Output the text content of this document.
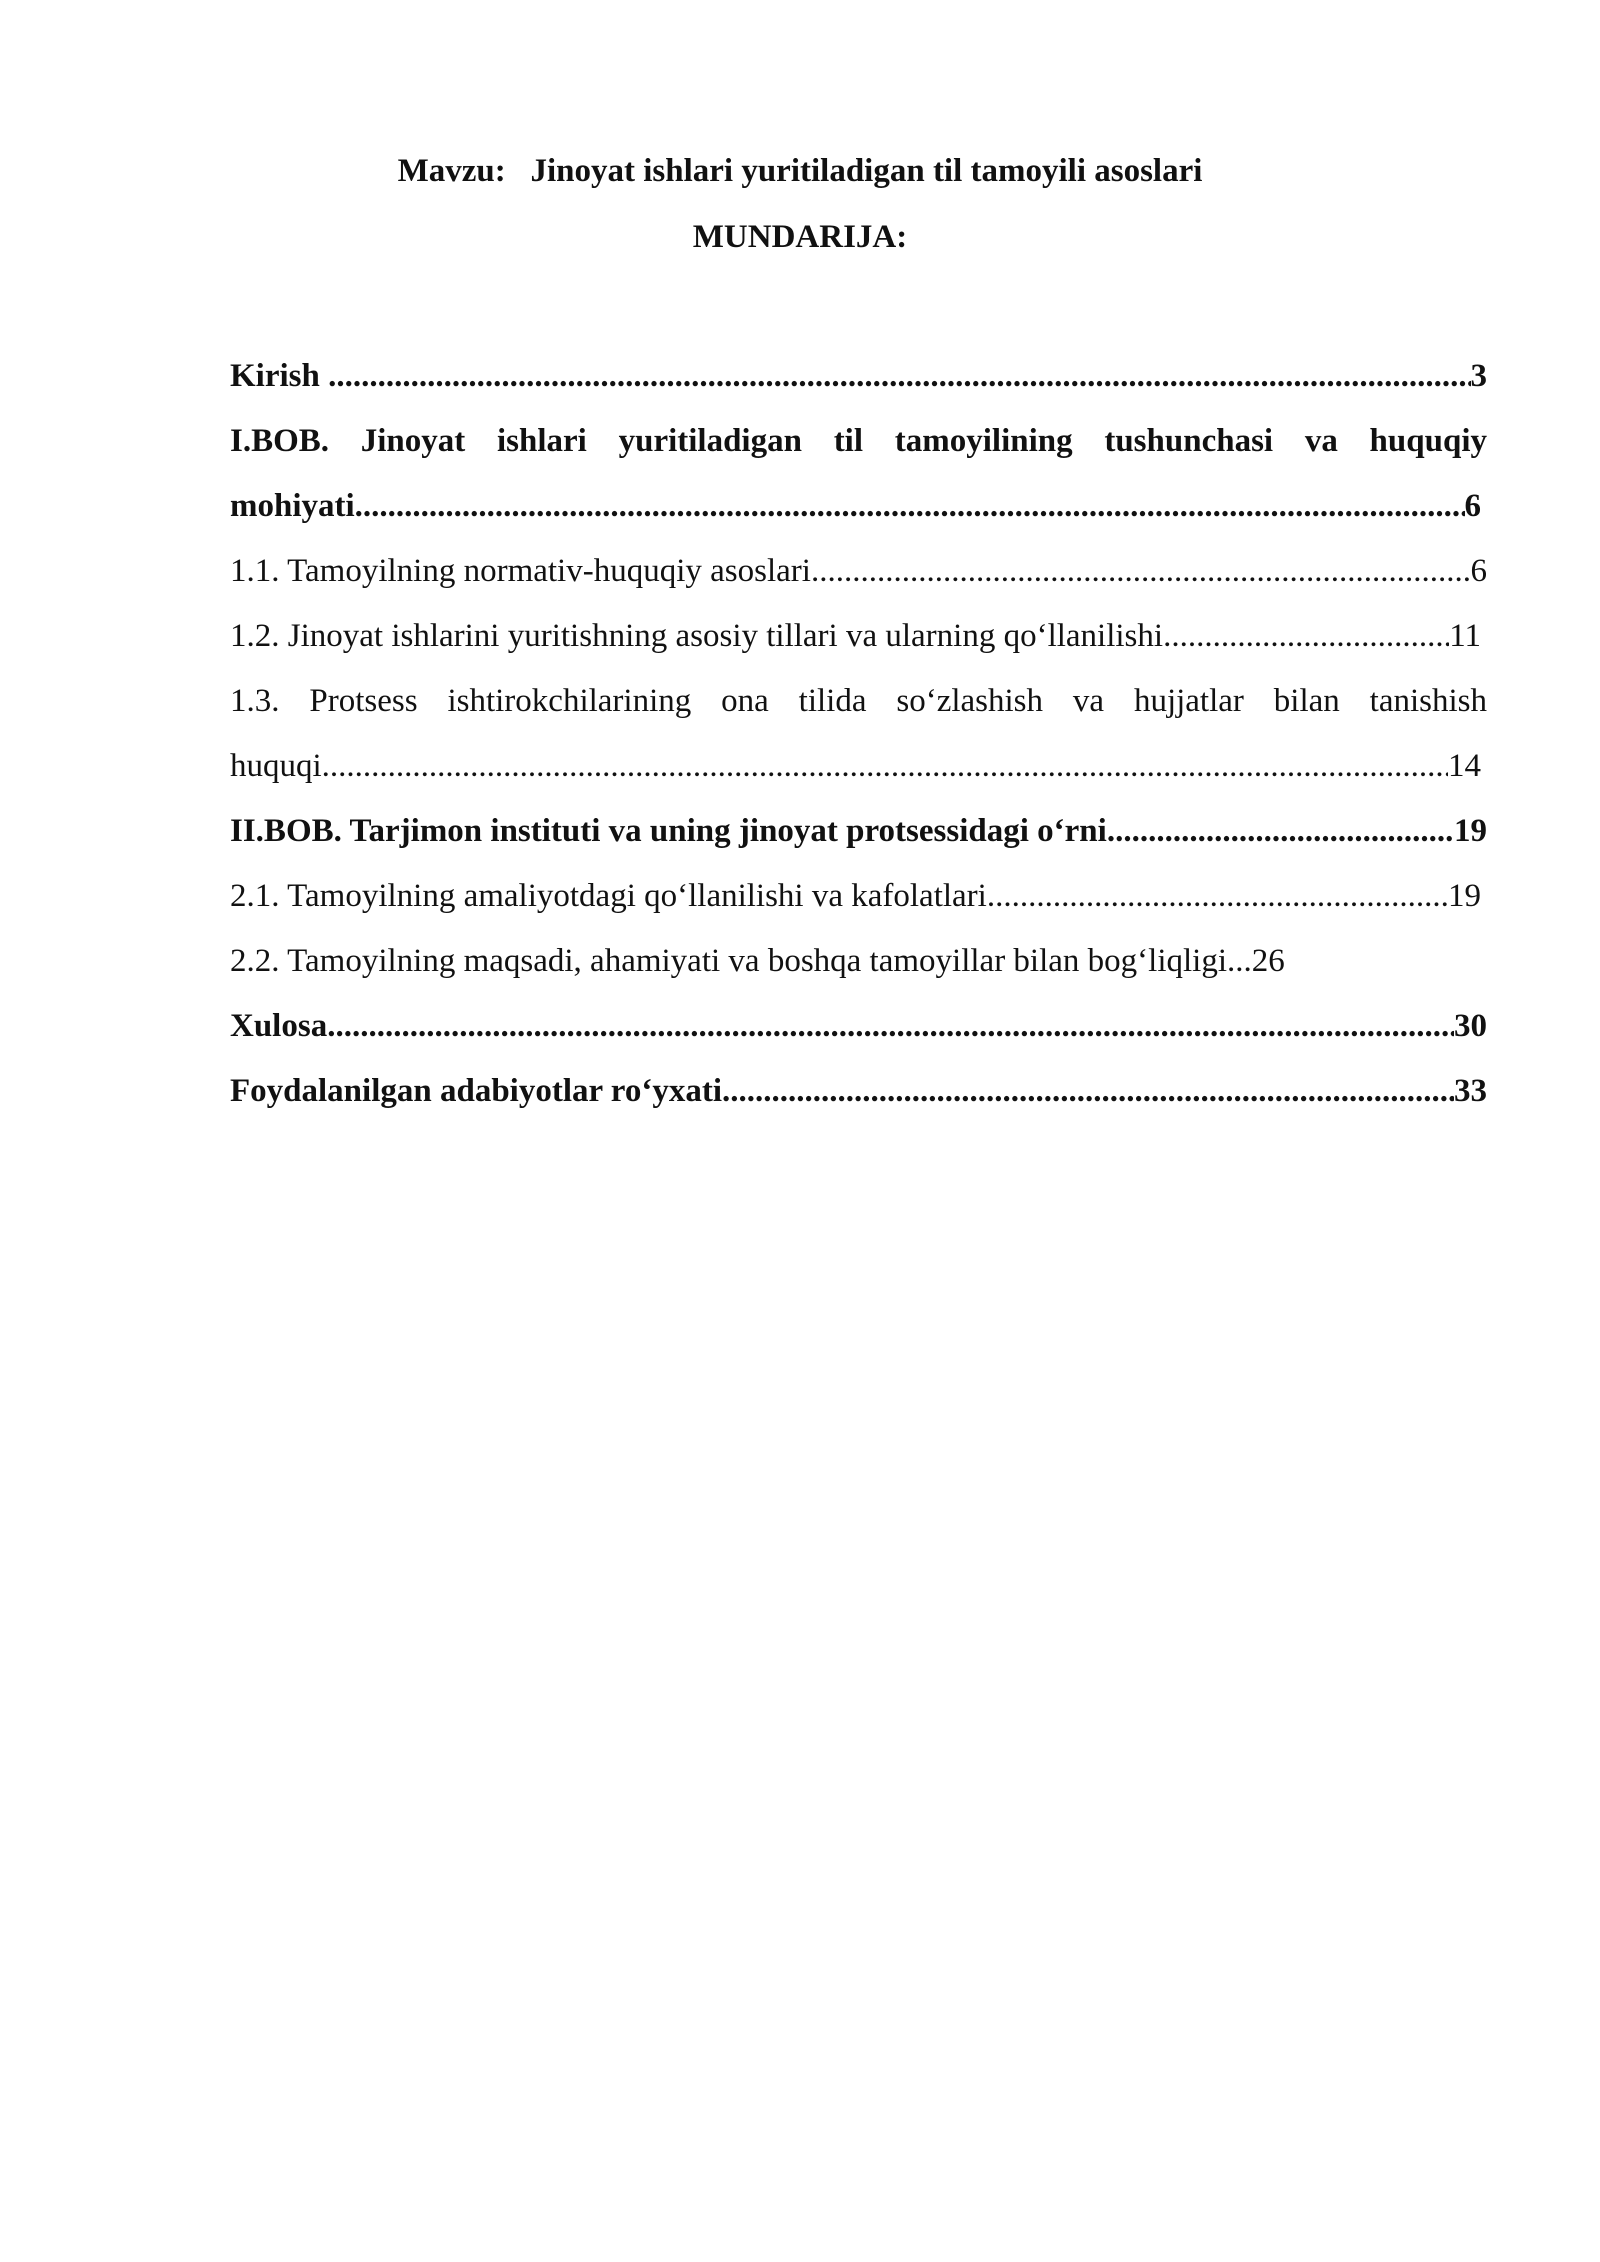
Mavzu:   Jinoyat ishlari yuritiladigan til tamoyili asoslari
MUNDARIJA:
Kirish .....	3
I.BOB. Jinoyat ishlari yuritiladigan til tamoyilining tushunchasi va huquqiy
mohiyati .....	6
1.1. Tamoyilning normativ-huquqiy asoslari .....	6
1.2. Jinoyat ishlarini yuritishning asosiy tillari va ularning qo‘llanilishi .....	11
1.3. Protsess ishtirokchilarining ona tilida so‘zlashish va hujjatlar bilan tanishish
huquqi .....	14
II.BOB. Tarjimon instituti va uning jinoyat protsessidagi o‘rni .....	19
2.1. Tamoyilning amaliyotdagi qo‘llanilishi va kafolatlari .....	19
2.2. Tamoyilning maqsadi, ahamiyati va boshqa tamoyillar bilan bog‘liqligi...26
Xulosa .....	30
Foydalanilgan adabiyotlar ro‘yxati .....	33
